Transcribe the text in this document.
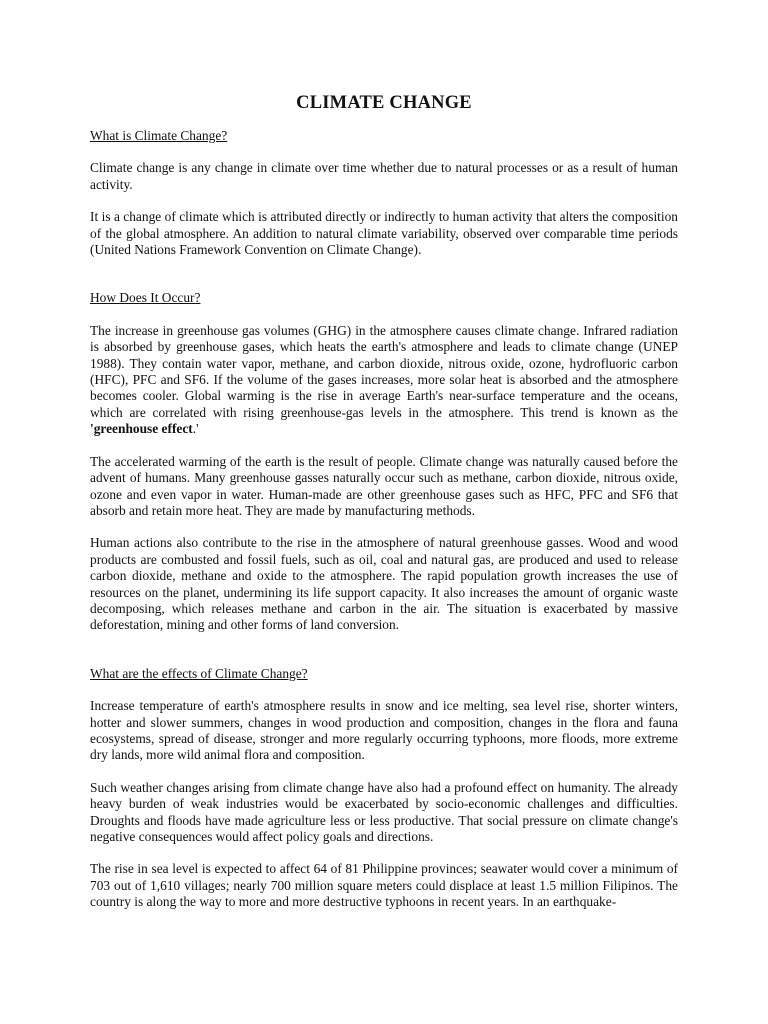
CLIMATE CHANGE
What is Climate Change?

Climate change is any change in climate over time whether due to natural processes or as a result of human activity.

It is a change of climate which is attributed directly or indirectly to human activity that alters the composition of the global atmosphere. An addition to natural climate variability, observed over comparable time periods (United Nations Framework Convention on Climate Change).

How Does It Occur?

The increase in greenhouse gas volumes (GHG) in the atmosphere causes climate change. Infrared radiation is absorbed by greenhouse gases, which heats the earth's atmosphere and leads to climate change (UNEP 1988). They contain water vapor, methane, and carbon dioxide, nitrous oxide, ozone, hydrofluoric carbon (HFC), PFC and SF6. If the volume of the gases increases, more solar heat is absorbed and the atmosphere becomes cooler. Global warming is the rise in average Earth's near-surface temperature and the oceans, which are correlated with rising greenhouse-gas levels in the atmosphere. This trend is known as the 'greenhouse effect.'

The accelerated warming of the earth is the result of people. Climate change was naturally caused before the advent of humans. Many greenhouse gasses naturally occur such as methane, carbon dioxide, nitrous oxide, ozone and even vapor in water. Human-made are other greenhouse gases such as HFC, PFC and SF6 that absorb and retain more heat. They are made by manufacturing methods.

Human actions also contribute to the rise in the atmosphere of natural greenhouse gasses. Wood and wood products are combusted and fossil fuels, such as oil, coal and natural gas, are produced and used to release carbon dioxide, methane and oxide to the atmosphere. The rapid population growth increases the use of resources on the planet, undermining its life support capacity. It also increases the amount of organic waste decomposing, which releases methane and carbon in the air. The situation is exacerbated by massive deforestation, mining and other forms of land conversion.

What are the effects of Climate Change?

Increase temperature of earth's atmosphere results in snow and ice melting, sea level rise, shorter winters, hotter and slower summers, changes in wood production and composition, changes in the flora and fauna ecosystems, spread of disease, stronger and more regularly occurring typhoons, more floods, more extreme dry lands, more wild animal flora and composition.

Such weather changes arising from climate change have also had a profound effect on humanity. The already heavy burden of weak industries would be exacerbated by socio-economic challenges and difficulties. Droughts and floods have made agriculture less or less productive. That social pressure on climate change's negative consequences would affect policy goals and directions.

The rise in sea level is expected to affect 64 of 81 Philippine provinces; seawater would cover a minimum of 703 out of 1,610 villages; nearly 700 million square meters could displace at least 1.5 million Filipinos. The country is along the way to more and more destructive typhoons in recent years. In an earthquake-
